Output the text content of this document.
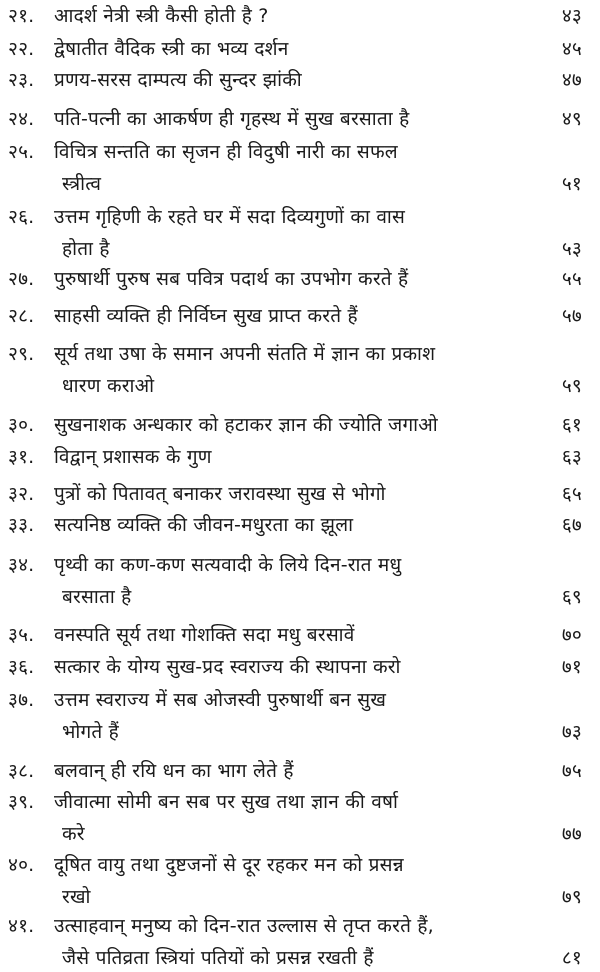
२१. आदर्श नेत्री स्त्री कैसी होती है ?	४३
२२. द्वेषातीत वैदिक स्त्री का भव्य दर्शन	४५
२३. प्रणय-सरस दाम्पत्य की सुन्दर झांकी	४७
२४. पति-पत्नी का आकर्षण ही गृहस्थ में सुख बरसाता है	४९
२५. विचित्र सन्तति का सृजन ही विदुषी नारी का सफल
स्त्रीत्व	५१
२६. उत्तम गृहिणी के रहते घर में सदा दिव्यगुणों का वास
होता है	५३
२७. पुरुषार्थी पुरुष सब पवित्र पदार्थ का उपभोग करते हैं	५५
२८. साहसी व्यक्ति ही निर्विघ्न सुख प्राप्त करते हैं	५७
२९. सूर्य तथा उषा के समान अपनी संतति में ज्ञान का प्रकाश
धारण कराओ	५९
३०. सुखनाशक अन्धकार को हटाकर ज्ञान की ज्योति जगाओ	६१
३१. विद्वान् प्रशासक के गुण	६३
३२. पुत्रों को पितावत् बनाकर जरावस्था सुख से भोगो	६५
३३. सत्यनिष्ठ व्यक्ति की जीवन-मधुरता का झूला	६७
३४. पृथ्वी का कण-कण सत्यवादी के लिये दिन-रात मधु
बरसाता है	६९
३५. वनस्पति सूर्य तथा गोशक्ति सदा मधु बरसावें	७०
३६. सत्कार के योग्य सुख-प्रद स्वराज्य की स्थापना करो	७१
३७. उत्तम स्वराज्य में सब ओजस्वी पुरुषार्थी बन सुख
भोगते हैं	७३
३८. बलवान् ही रयि धन का भाग लेते हैं	७५
३९. जीवात्मा सोमी बन सब पर सुख तथा ज्ञान की वर्षा
करे	७७
४०. दूषित वायु तथा दुष्टजनों से दूर रहकर मन को प्रसन्न
रखो	७९
४१. उत्साहवान् मनुष्य को दिन-रात उल्लास से तृप्त करते हैं,
जैसे पतिव्रता स्त्रियां पतियों को प्रसन्न रखती हैं	८१
